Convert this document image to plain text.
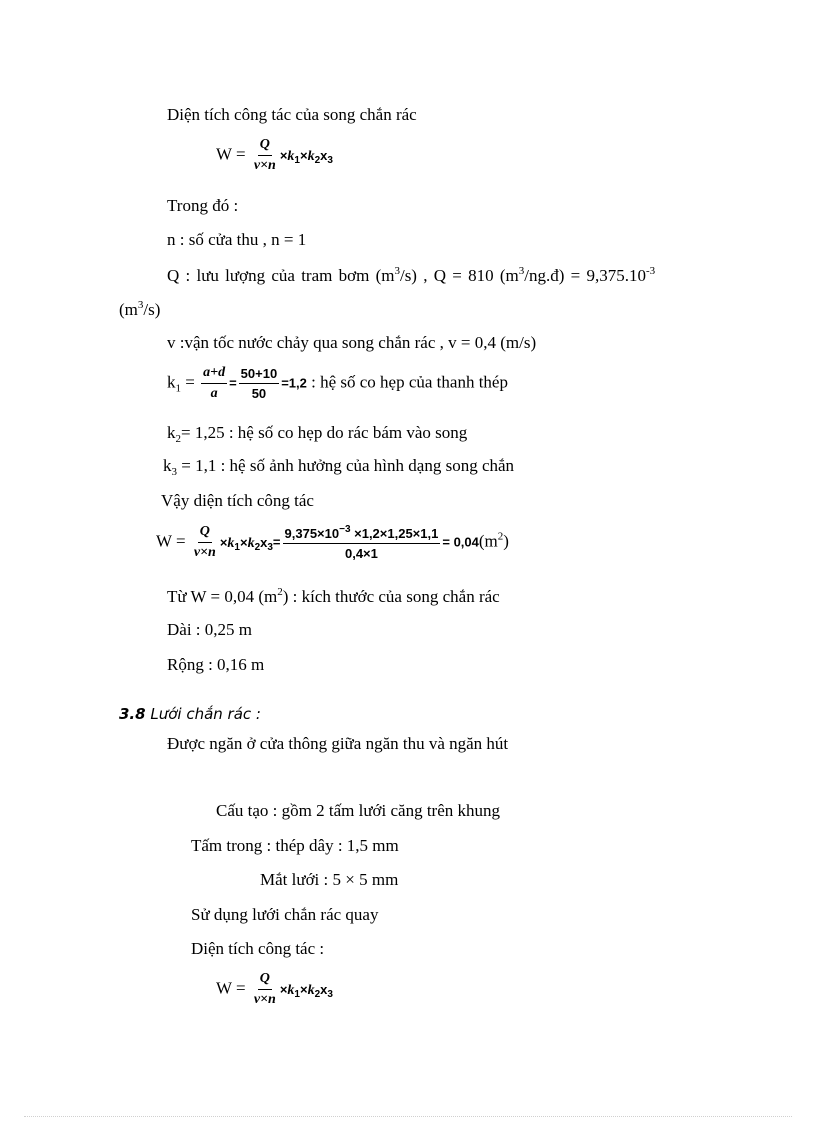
Diện tích công tác của song chắn rác
$W = \frac{Q}{v\times n} \times k_1\times k_2x_3$
Trong đó :
n : số cửa thu , n = 1
Q : lưu lượng của tram bơm $(m^3/s)$ , Q = 810 $(m^3/ng.đ) = 9,375.10^{-3}$
$(m^3/s)$
v :vận tốc nước chảy qua song chắn rác , v = 0,4 (m/s)
$k_1 = \frac{a+d}{a} = \frac{50+10}{50} =1,2$ : hệ số co hẹp của thanh thép
$k_2= 1,25$ : hệ số co hẹp do rác bám vào song
$k_3 = 1,1$ : hệ số ảnh hưởng của hình dạng song chắn
Vậy diện tích công tác
$W = \frac{Q}{v\times n} \times k_1\times k_2x_3= \frac{9,375\times 10^{-3} \times 1,2\times 1,25\times 1,1}{0,4\times 1} = 0,04(m^2)$
Từ W = 0,04 $(m^2)$ : kích thước của song chắn rác
Dài : 0,25 m
Rộng : 0,16 m
3.8 Lưới chắn rác :
Được ngăn ở cửa thông giữa ngăn thu và ngăn hút
Cấu tạo : gồm 2 tấm lưới căng trên khung
Tấm trong : thép dây : 1,5 mm
Mắt lưới : 5 × 5 mm
Sử dụng lưới chắn rác quay
Diện tích công tác :
$W = \frac{Q}{v\times n} \times k_1\times k_2x_3$
